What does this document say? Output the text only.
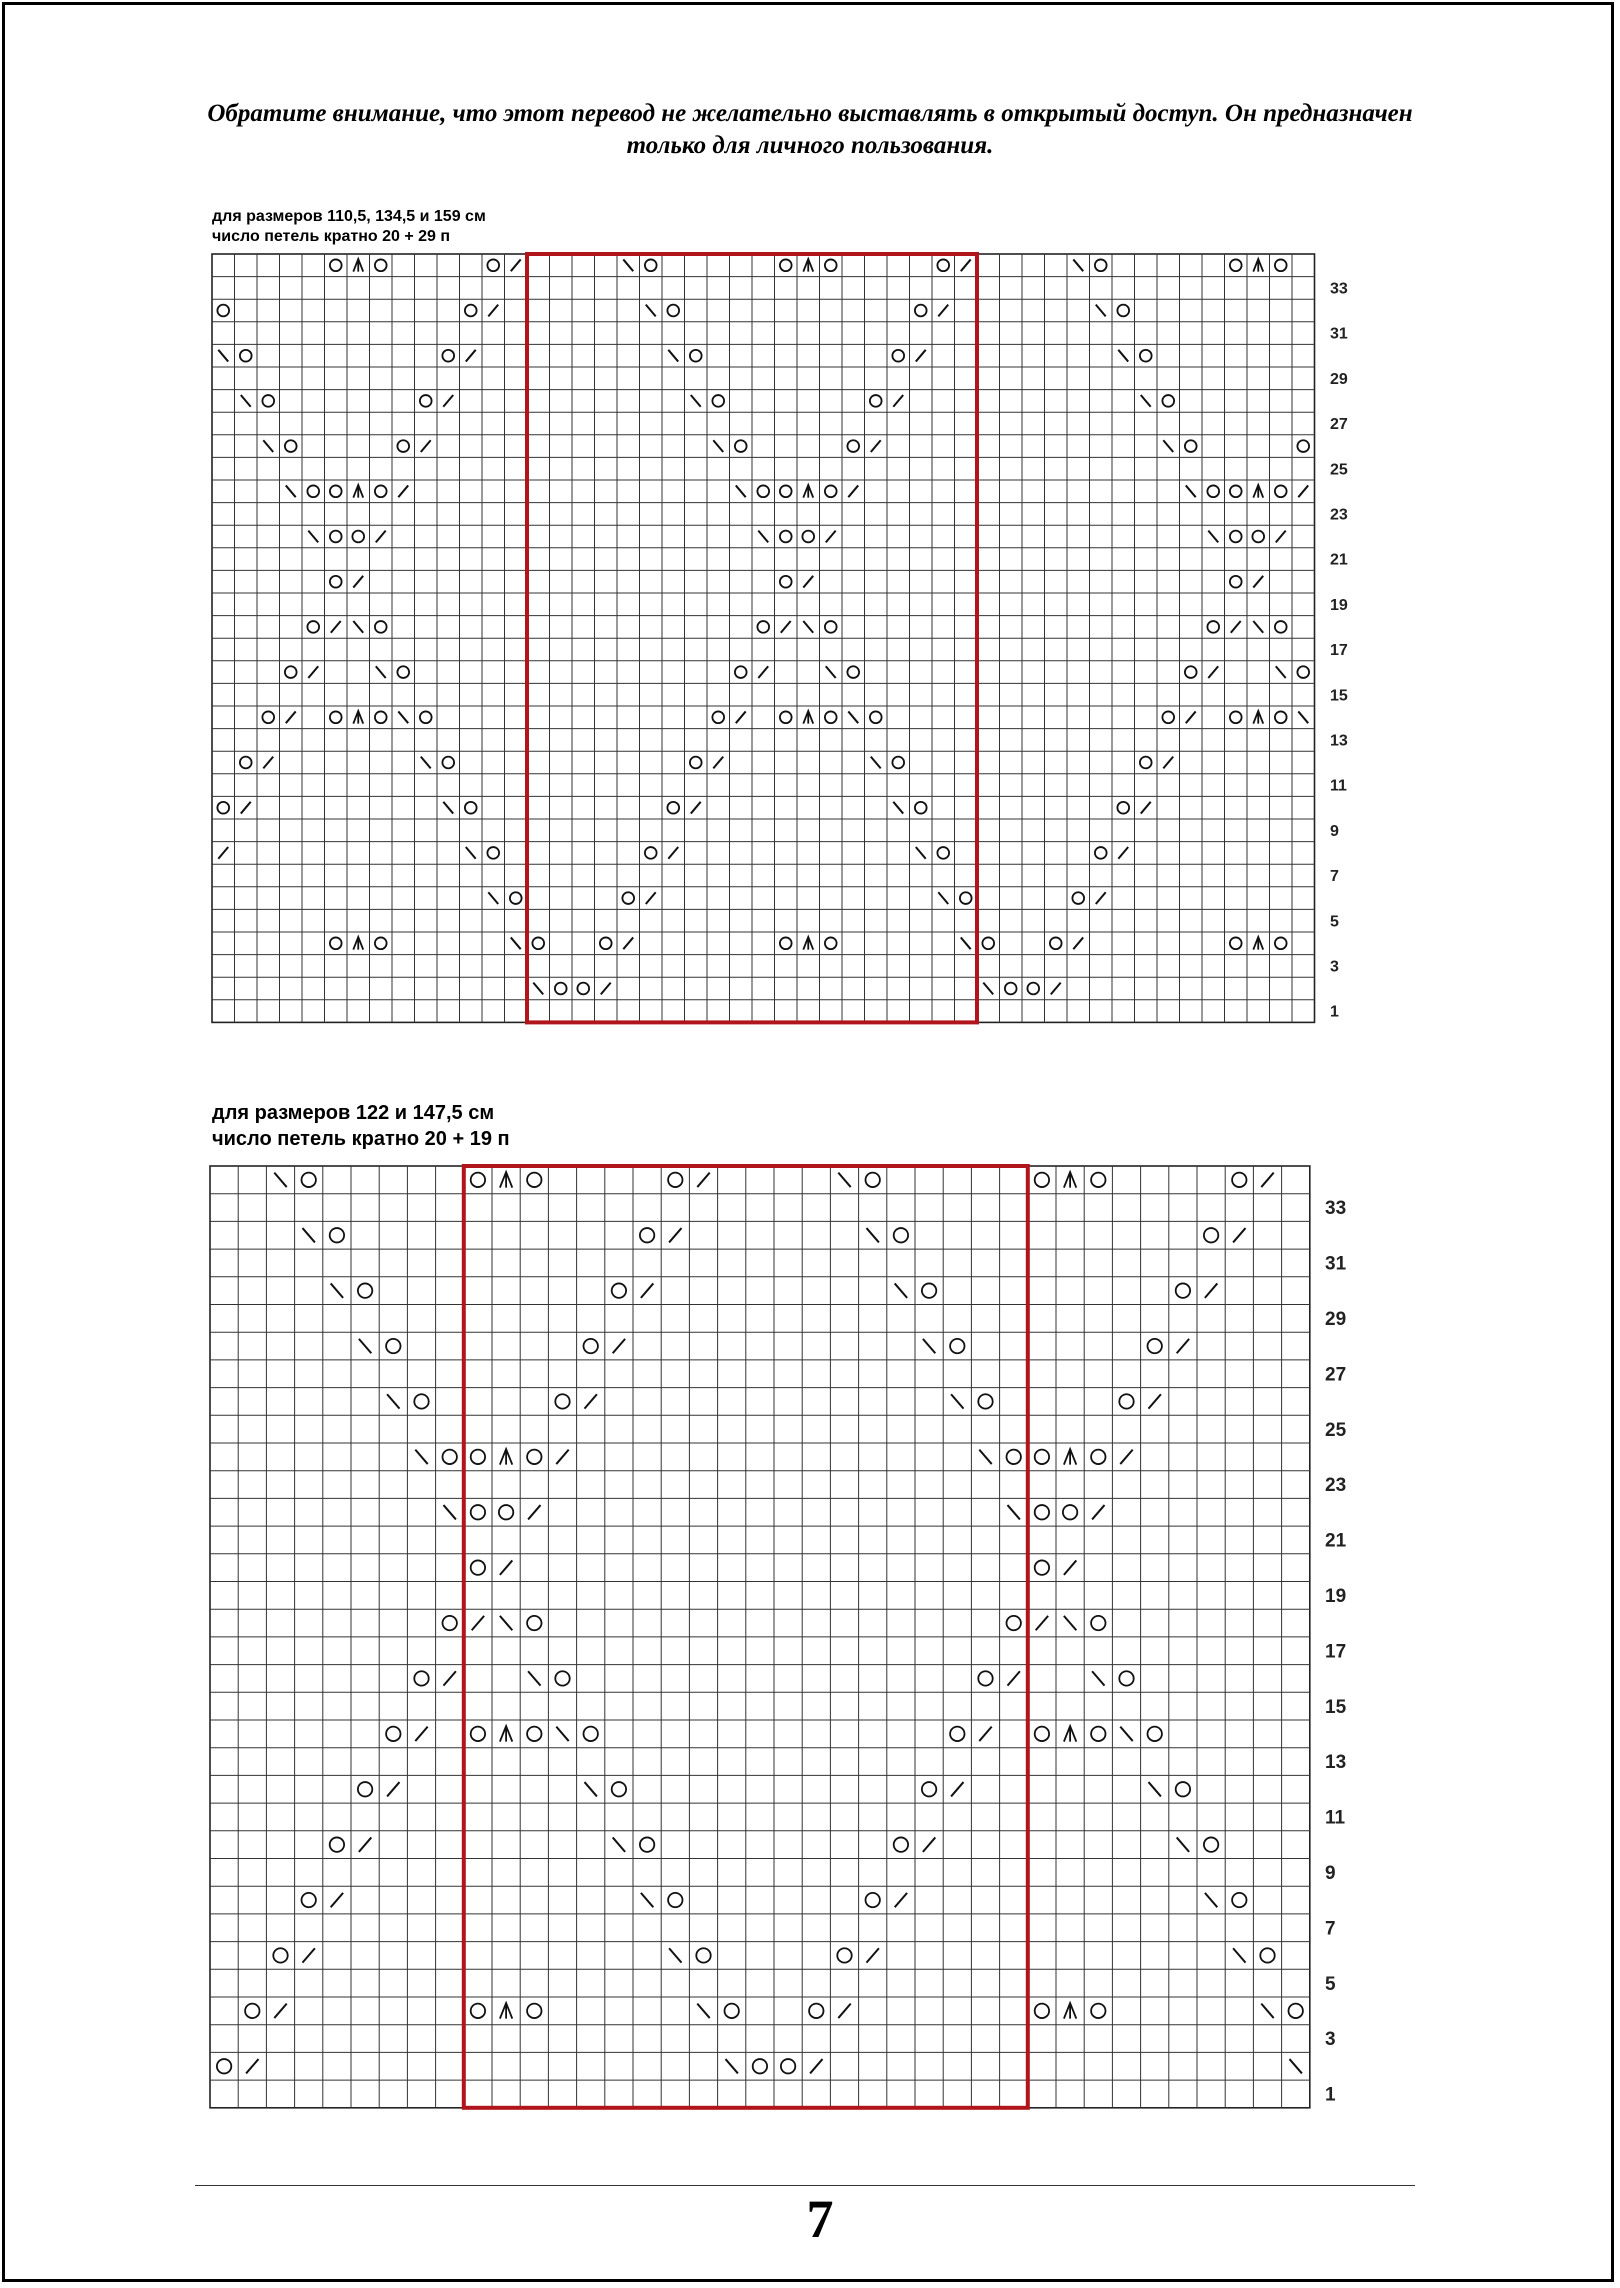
Обратите внимание, что этот перевод не желательно выставлять в открытый доступ. Он предназначен только для личного пользования.
для размеров 110,5, 134,5 и 159 см
число петель кратно 20 + 29 п
для размеров 122 и 147,5 см
число петель кратно 20 + 19 п
33
31
29
27
25
23
21
19
17
15
13
11
9
7
5
3
1
33
31
29
27
25
23
21
19
17
15
13
11
9
7
5
3
1
7
